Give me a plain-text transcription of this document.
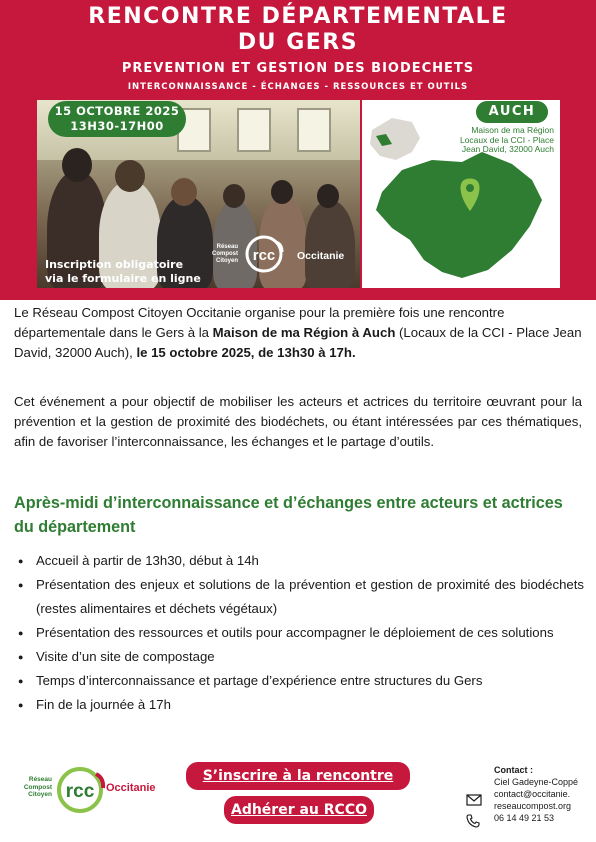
RENCONTRE DÉPARTEMENTALE
DU GERS
PREVENTION ET GESTION DES BIODECHETS
INTERCONNAISSANCE - ÉCHANGES - RESSOURCES ET OUTILS
15 OCTOBRE 2025
13H30-17H00
Inscription obligatoire
via le formulaire en ligne
Réseau
Compost
Citoyen rcc Occitanie
AUCH
Maison de ma Région
Locaux de la CCI - Place
Jean David, 32000 Auch

Le Réseau Compost Citoyen Occitanie organise pour la première fois une rencontre départementale dans le Gers à la Maison de ma Région à Auch (Locaux de la CCI - Place Jean David, 32000 Auch), le 15 octobre 2025, de 13h30 à 17h.

Cet événement a pour objectif de mobiliser les acteurs et actrices du territoire œuvrant pour la prévention et la gestion de proximité des biodéchets, ou étant intéressées par ces thématiques, afin de favoriser l’interconnaissance, les échanges et le partage d’outils.

Après-midi d’interconnaissance et d’échanges entre acteurs et actrices du département
● Accueil à partir de 13h30, début à 14h
● Présentation des enjeux et solutions de la prévention et gestion de proximité des biodéchets (restes alimentaires et déchets végétaux)
● Présentation des ressources et outils pour accompagner le déploiement de ces solutions
● Visite d’un site de compostage
● Temps d’interconnaissance et partage d’expérience entre structures du Gers
● Fin de la journée à 17h
Réseau
Compost
Citoyen rcc Occitanie
S’inscrire à la rencontre
Adhérer au RCCO
Contact :
Ciel Gadeyne-Coppé
contact@occitanie.
reseaucompost.org
06 14 49 21 53
